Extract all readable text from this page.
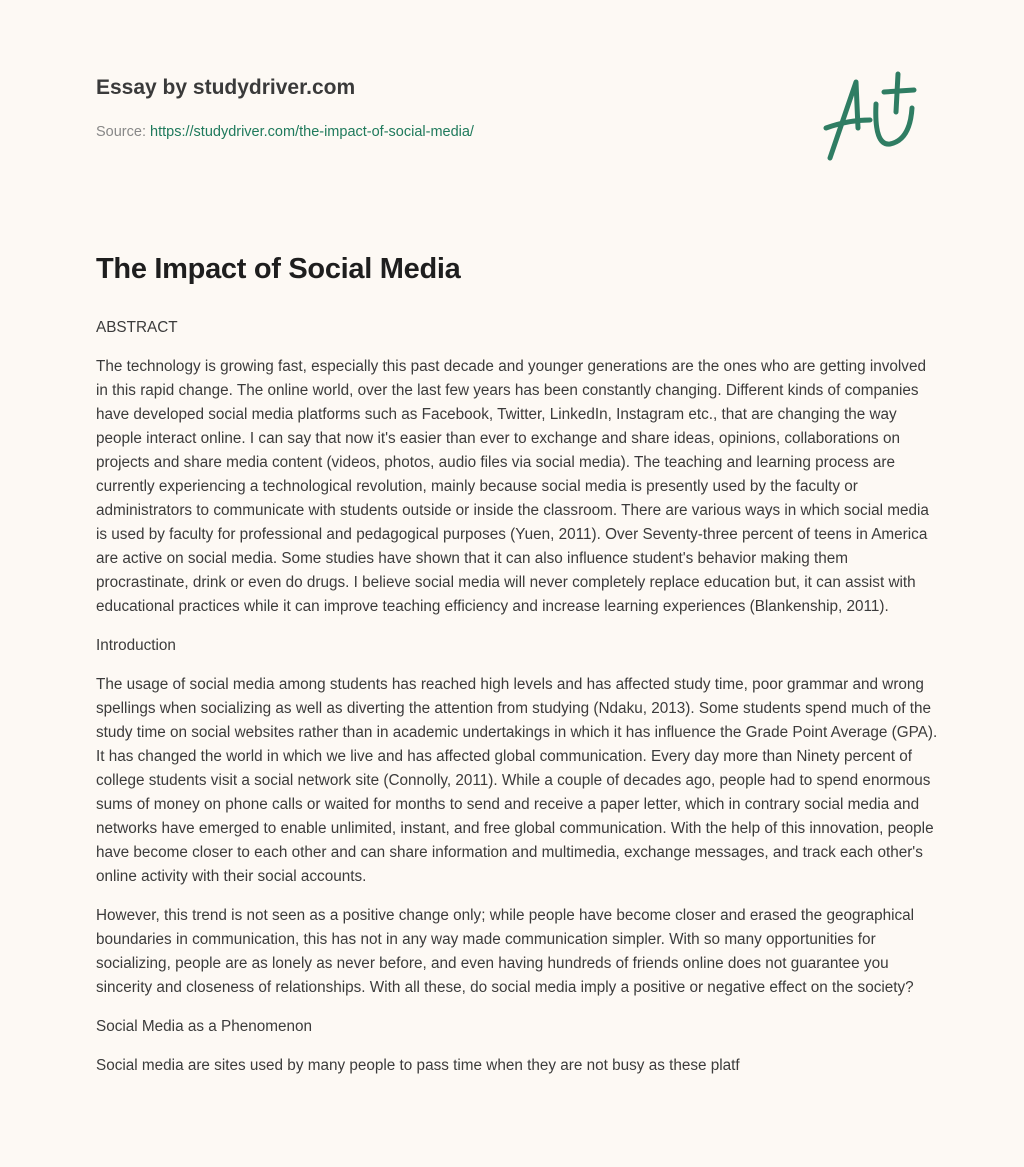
Essay by studydriver.com
Source: https://studydriver.com/the-impact-of-social-media/
The Impact of Social Media

ABSTRACT

The technology is growing fast, especially this past decade and younger generations are the ones who are getting involved in this rapid change. The online world, over the last few years has been constantly changing. Different kinds of companies have developed social media platforms such as Facebook, Twitter, LinkedIn, Instagram etc., that are changing the way people interact online. I can say that now it's easier than ever to exchange and share ideas, opinions, collaborations on projects and share media content (videos, photos, audio files via social media). The teaching and learning process are currently experiencing a technological revolution, mainly because social media is presently used by the faculty or administrators to communicate with students outside or inside the classroom. There are various ways in which social media is used by faculty for professional and pedagogical purposes (Yuen, 2011). Over Seventy-three percent of teens in America are active on social media. Some studies have shown that it can also influence student's behavior making them procrastinate, drink or even do drugs. I believe social media will never completely replace education but, it can assist with educational practices while it can improve teaching efficiency and increase learning experiences (Blankenship, 2011).

Introduction

The usage of social media among students has reached high levels and has affected study time, poor grammar and wrong spellings when socializing as well as diverting the attention from studying (Ndaku, 2013). Some students spend much of the study time on social websites rather than in academic undertakings in which it has influence the Grade Point Average (GPA). It has changed the world in which we live and has affected global communication. Every day more than Ninety percent of college students visit a social network site (Connolly, 2011). While a couple of decades ago, people had to spend enormous sums of money on phone calls or waited for months to send and receive a paper letter, which in contrary social media and networks have emerged to enable unlimited, instant, and free global communication. With the help of this innovation, people have become closer to each other and can share information and multimedia, exchange messages, and track each other's online activity with their social accounts.

However, this trend is not seen as a positive change only; while people have become closer and erased the geographical boundaries in communication, this has not in any way made communication simpler. With so many opportunities for socializing, people are as lonely as never before, and even having hundreds of friends online does not guarantee you sincerity and closeness of relationships. With all these, do social media imply a positive or negative effect on the society?

Social Media as a Phenomenon

Social media are sites used by many people to pass time when they are not busy as these platf
